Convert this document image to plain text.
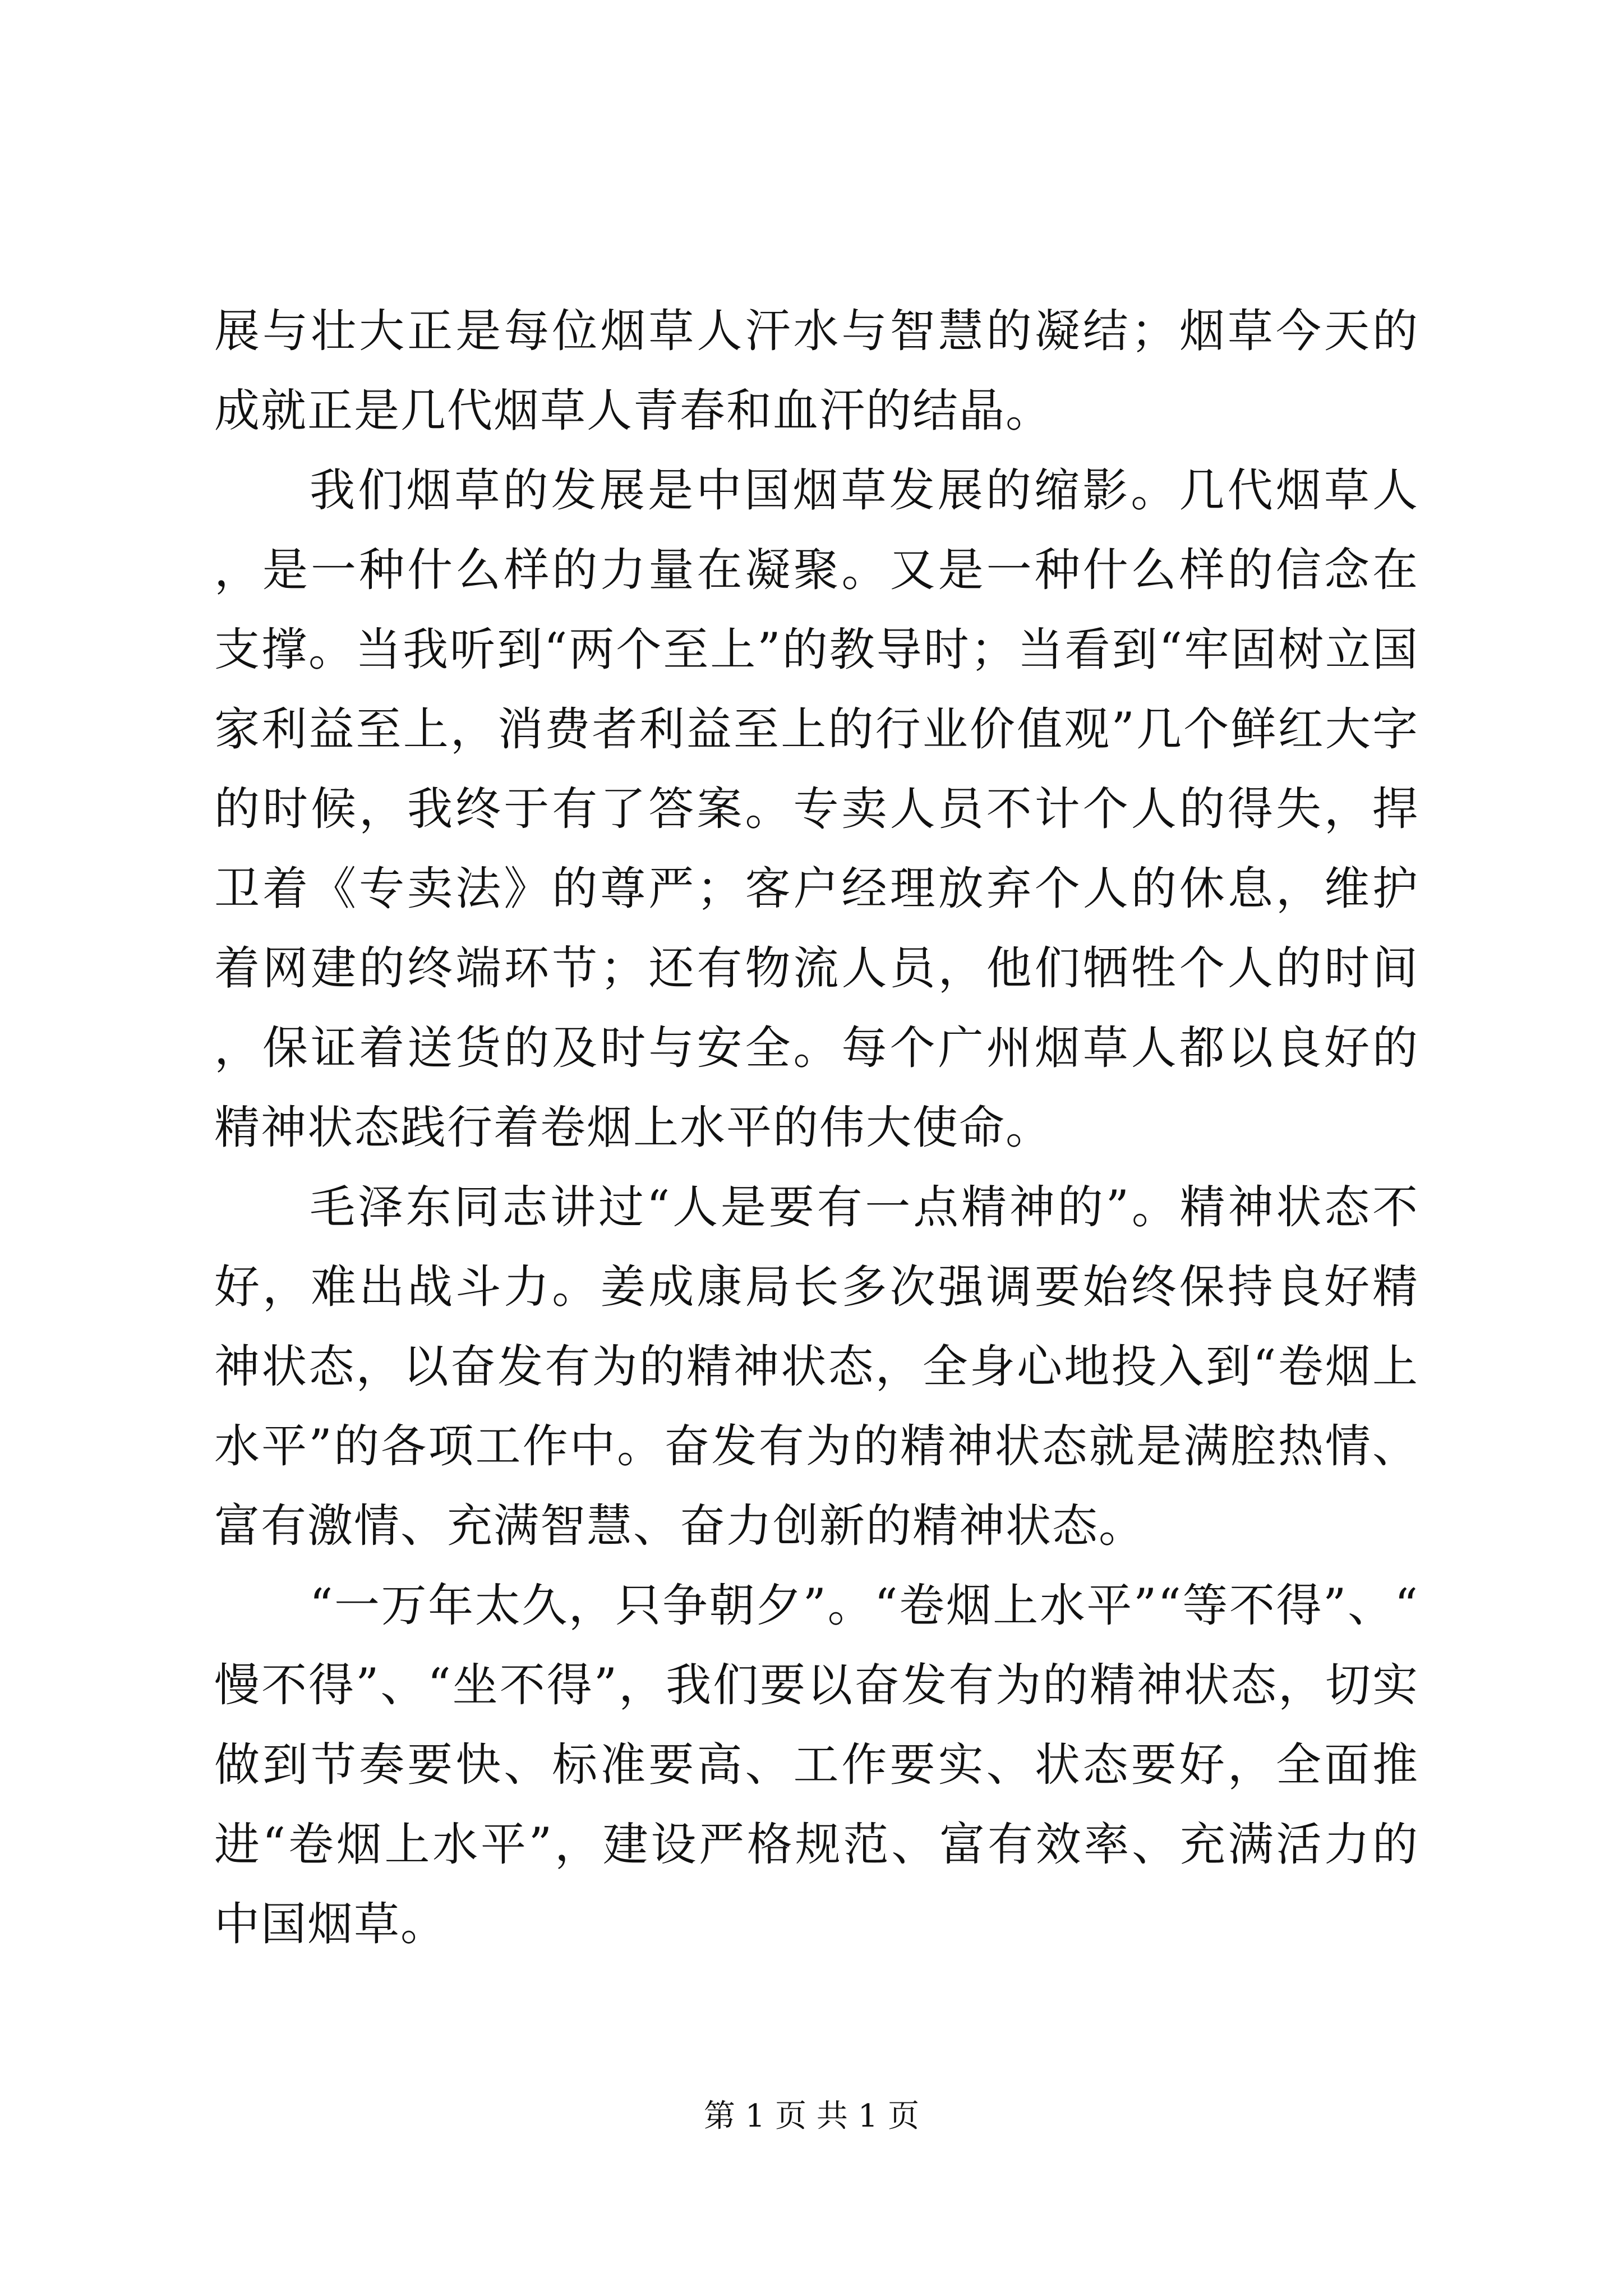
展与壮大正是每位烟草人汗水与智慧的凝结；烟草今天的成就正是几代烟草人青春和血汗的结晶。

我们烟草的发展是中国烟草发展的缩影。几代烟草人，是一种什么样的力量在凝聚。又是一种什么样的信念在支撑。当我听到“两个至上”的教导时；当看到“牢固树立国家利益至上，消费者利益至上的行业价值观”几个鲜红大字的时候，我终于有了答案。专卖人员不计个人的得失，捍卫着《专卖法》的尊严；客户经理放弃个人的休息，维护着网建的终端环节；还有物流人员，他们牺牲个人的时间，保证着送货的及时与安全。每个广州烟草人都以良好的精神状态践行着卷烟上水平的伟大使命。

毛泽东同志讲过“人是要有一点精神的”。精神状态不好，难出战斗力。姜成康局长多次强调要始终保持良好精神状态，以奋发有为的精神状态，全身心地投入到“卷烟上水平”的各项工作中。奋发有为的精神状态就是满腔热情、富有激情、充满智慧、奋力创新的精神状态。

“一万年太久，只争朝夕”。“卷烟上水平”“等不得”、“慢不得”、“坐不得”，我们要以奋发有为的精神状态，切实做到节奏要快、标准要高、工作要实、状态要好，全面推进“卷烟上水平”，建设严格规范、富有效率、充满活力的中国烟草。

第 1 页 共 1 页
